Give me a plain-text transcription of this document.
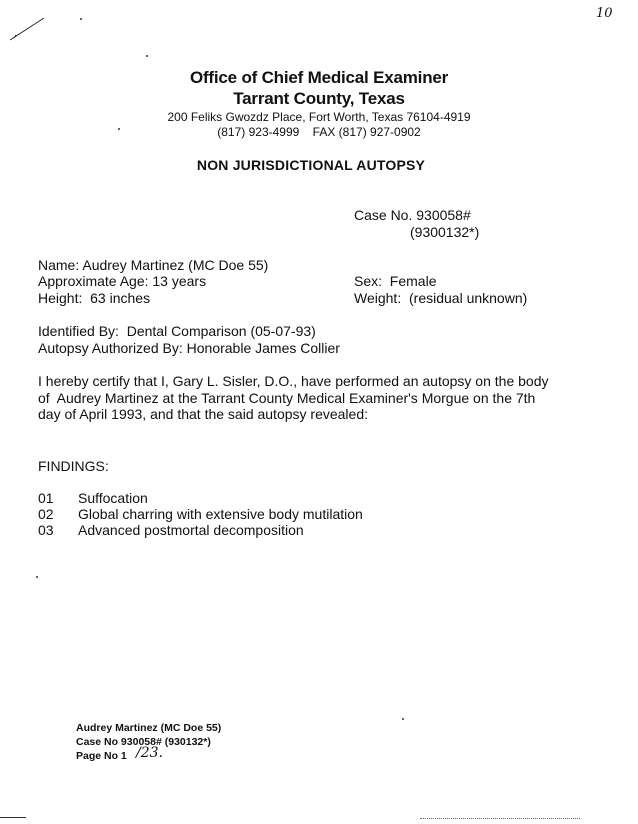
10
Office of Chief Medical Examiner
Tarrant County, Texas
200 Feliks Gwozdz Place, Fort Worth, Texas 76104-4919
(817) 923-4999    FAX (817) 927-0902
NON JURISDICTIONAL AUTOPSY
Case No. 930058#
(9300132*)
Name: Audrey Martinez (MC Doe 55)
Approximate Age: 13 years
Height:  63 inches
Sex:  Female
Weight:  (residual unknown)
Identified By:  Dental Comparison (05-07-93)
Autopsy Authorized By: Honorable James Collier
I hereby certify that I, Gary L. Sisler, D.O., have performed an autopsy on the body
of  Audrey Martinez at the Tarrant County Medical Examiner's Morgue on the 7th
day of April 1993, and that the said autopsy revealed:
FINDINGS:
01 Suffocation
02 Global charring with extensive body mutilation
03 Advanced postmortal decomposition
Audrey Martinez (MC Doe 55)
Case No 930058# (930132*)
Page No 1 /23.
